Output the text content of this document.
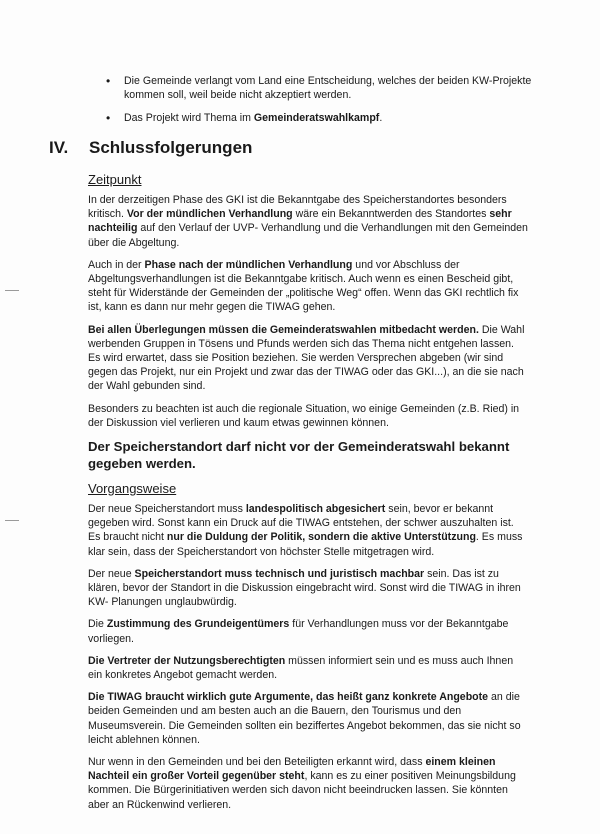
• Die Gemeinde verlangt vom Land eine Entscheidung, welches der beiden KW-Projekte kommen soll, weil beide nicht akzeptiert werden.
• Das Projekt wird Thema im Gemeinderatswahlkampf.
IV. Schlussfolgerungen
Zeitpunkt

In der derzeitigen Phase des GKI ist die Bekanntgabe des Speicherstandortes besonders kritisch. Vor der mündlichen Verhandlung wäre ein Bekanntwerden des Standortes sehr nachteilig auf den Verlauf der UVP- Verhandlung und die Verhandlungen mit den Gemeinden über die Abgeltung.

Auch in der Phase nach der mündlichen Verhandlung und vor Abschluss der Abgeltungsverhandlungen ist die Bekanntgabe kritisch. Auch wenn es einen Bescheid gibt, steht für Widerstände der Gemeinden der „politische Weg“ offen. Wenn das GKI rechtlich fix ist, kann es dann nur mehr gegen die TIWAG gehen.

Bei allen Überlegungen müssen die Gemeinderatswahlen mitbedacht werden. Die Wahl werbenden Gruppen in Tösens und Pfunds werden sich das Thema nicht entgehen lassen. Es wird erwartet, dass sie Position beziehen. Sie werden Versprechen abgeben (wir sind gegen das Projekt, nur ein Projekt und zwar das der TIWAG oder das GKI...), an die sie nach der Wahl gebunden sind.

Besonders zu beachten ist auch die regionale Situation, wo einige Gemeinden (z.B. Ried) in der Diskussion viel verlieren und kaum etwas gewinnen können.

Der Speicherstandort darf nicht vor der Gemeinderatswahl bekannt gegeben werden.

Vorgangsweise

Der neue Speicherstandort muss landespolitisch abgesichert sein, bevor er bekannt gegeben wird. Sonst kann ein Druck auf die TIWAG entstehen, der schwer auszuhalten ist. Es braucht nicht nur die Duldung der Politik, sondern die aktive Unterstützung. Es muss klar sein, dass der Speicherstandort von höchster Stelle mitgetragen wird.

Der neue Speicherstandort muss technisch und juristisch machbar sein. Das ist zu klären, bevor der Standort in die Diskussion eingebracht wird. Sonst wird die TIWAG in ihren KW- Planungen unglaubwürdig.

Die Zustimmung des Grundeigentümers für Verhandlungen muss vor der Bekanntgabe vorliegen.

Die Vertreter der Nutzungsberechtigten müssen informiert sein und es muss auch Ihnen ein konkretes Angebot gemacht werden.

Die TIWAG braucht wirklich gute Argumente, das heißt ganz konkrete Angebote an die beiden Gemeinden und am besten auch an die Bauern, den Tourismus und den Museumsverein. Die Gemeinden sollten ein beziffertes Angebot bekommen, das sie nicht so leicht ablehnen können.

Nur wenn in den Gemeinden und bei den Beteiligten erkannt wird, dass einem kleinen Nachteil ein großer Vorteil gegenüber steht, kann es zu einer positiven Meinungsbildung kommen. Die Bürgerinitiativen werden sich davon nicht beeindrucken lassen. Sie könnten aber an Rückenwind verlieren.
